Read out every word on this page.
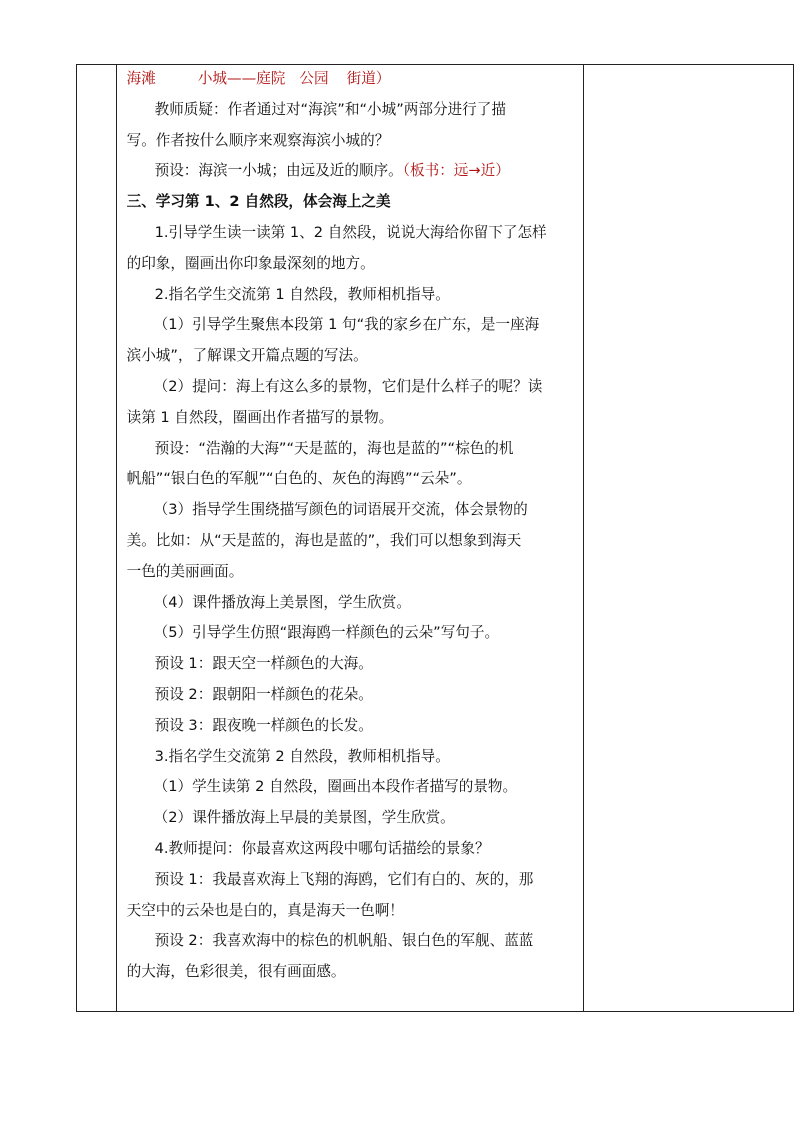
海滩	小城——庭院 公园 街道）
教师质疑：作者通过对“海滨”和“小城”两部分进行了描
写。作者按什么顺序来观察海滨小城的？
预设：海滨一小城；由远及近的顺序。（板书：远→近）
三、学习第 1、2 自然段，体会海上之美
1.引导学生读一读第 1、2 自然段，说说大海给你留下了怎样
的印象，圈画出你印象最深刻的地方。
2.指名学生交流第 1 自然段，教师相机指导。
（1）引导学生聚焦本段第 1 句“我的家乡在广东，是一座海
滨小城”，了解课文开篇点题的写法。
（2）提问：海上有这么多的景物，它们是什么样子的呢？读
读第 1 自然段，圈画出作者描写的景物。
预设：“浩瀚的大海”“天是蓝的，海也是蓝的”“棕色的机
帆船”“银白色的军舰”“白色的、灰色的海鸥”“云朵”。
（3）指导学生围绕描写颜色的词语展开交流，体会景物的
美。比如：从“天是蓝的，海也是蓝的”，我们可以想象到海天
一色的美丽画面。
（4）课件播放海上美景图，学生欣赏。
（5）引导学生仿照“跟海鸥一样颜色的云朵”写句子。
预设 1：跟天空一样颜色的大海。
预设 2：跟朝阳一样颜色的花朵。
预设 3：跟夜晚一样颜色的长发。
3.指名学生交流第 2 自然段，教师相机指导。
（1）学生读第 2 自然段，圈画出本段作者描写的景物。
（2）课件播放海上早晨的美景图，学生欣赏。
4.教师提问：你最喜欢这两段中哪句话描绘的景象？
预设 1：我最喜欢海上飞翔的海鸥，它们有白的、灰的，那
天空中的云朵也是白的，真是海天一色啊！
预设 2：我喜欢海中的棕色的机帆船、银白色的军舰、蓝蓝
的大海，色彩很美，很有画面感。
